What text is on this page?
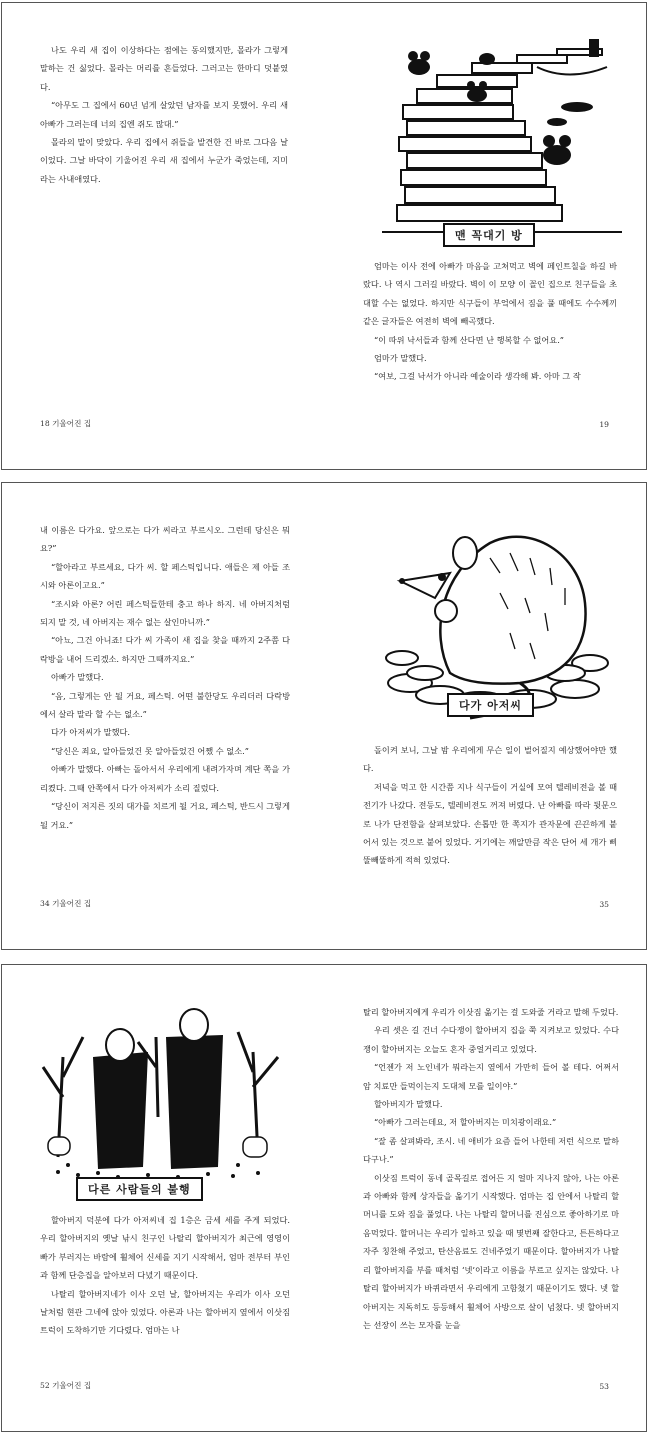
나도 우리 새 집이 이상하다는 점에는 동의했지만, 몰라가 그렇게 말하는 건 싫었다. 몰라는 머리를 흔들었다. 그러고는 한마디 덧붙였다.

“아무도 그 집에서 60년 넘게 살았던 남자를 보지 못했어. 우리 새 아빠가 그러는데 너의 집엔 쥐도 많대.”

몰라의 말이 맞았다. 우리 집에서 쥐들을 발견한 건 바로 그다음 날이었다. 그날 바닥이 기울어진 우리 새 집에서 누군가 죽었는데, 지미라는 사내애였다.

18 기울어진 집
맨 꼭대기 방

엄마는 이사 전에 아빠가 마음을 고쳐먹고 벽에 페인트칠을 하길 바랐다. 나 역시 그러길 바랐다. 벽이 이 모양 이 꼴인 집으로 친구들을 초대할 수는 없었다. 하지만 식구들이 부엌에서 짐을 풀 때에도 수수께끼 같은 글자들은 여전히 벽에 빼곡했다.

“이 따위 낙서들과 함께 산다면 난 행복할 수 없어요.”

엄마가 말했다.

“여보, 그걸 낙서가 아니라 예술이라 생각해 봐. 아마 그 작

19

내 이름은 다가요. 앞으로는 다가 씨라고 부르시오. 그런데 당신은 뭐요?”

“할아라고 부르세요, 다가 씨. 할 페스틱입니다. 애들은 제 아들 조시와 아론이고요.”

“조시와 아론? 어린 페스틱들한테 충고 하나 하지. 네 아버지처럼 되지 말 것, 네 아버지는 재수 없는 살인마니까.”

“아뇨, 그건 아니죠! 다가 씨 가족이 새 집을 찾을 때까지 2주쯤 다락방을 내어 드리겠소. 하지만 그때까지요.”

아빠가 말했다.

“음, 그렇게는 안 될 거요, 페스틱. 어떤 불한당도 우리더러 다락방에서 살라 말라 할 수는 없소.”

다가 아저씨가 말했다.

“당신은 죄요, 알아들었건 못 알아들었건 어쨌 수 없소.”

아빠가 말했다. 아빠는 돌아서서 우리에게 내려가자며 계단 쪽을 가리켰다. 그때 안쪽에서 다가 아저씨가 소리 질렀다.

“당신이 저지른 짓의 대가를 치르게 될 거요, 페스틱, 반드시 그렇게 될 거요.”

34 기울어진 집
다가 아저씨

돌이켜 보니, 그날 밤 우리에게 무슨 일이 벌어질지 예상했어야만 했다.

저녁을 먹고 한 시간쯤 지나 식구들이 거실에 모여 텔레비전을 볼 때 전기가 나갔다. 전등도, 텔레비전도 꺼져 버렸다. 난 아빠를 따라 뒷문으로 나가 단전함을 살펴보았다. 손톱만 한 쪽지가 관자문에 끈끈하게 붙어서 있는 것으로 붙어 있었다. 거기에는 깨알만큼 작은 단어 세 개가 삐뚤빼뚤하게 적혀 있었다.

35
다른 사람들의 불행

할아버지 덕분에 다가 아저씨네 집 1층은 금세 세를 주게 되었다. 우리 할아버지의 옛날 낚시 친구인 나탈리 할아버지가 최근에 영영이빠가 부러지는 바람에 휠체어 신세를 지기 시작해서, 엄마 전부터 부인과 함께 단층집을 알아보러 다녔기 때문이다.

나탈리 할아버지네가 이사 오던 날, 할아버지는 우리가 이사 오던 날처럼 현관 그네에 앉아 있었다. 아론과 나는 할아버지 옆에서 이삿짐 트럭이 도착하기만 기다렸다. 엄마는 나

52 기울어진 집

탈리 할아버지에게 우리가 이삿짐 옮기는 걸 도와줄 거라고 말해 두었다.

우리 셋은 길 건너 수다쟁이 할아버지 집을 쭉 지켜보고 있었다. 수다쟁이 할아버지는 오늘도 혼자 중얼거리고 있었다.

“언젠가 저 노인네가 뭐라는지 옆에서 가만히 들어 볼 테다. 어쩌서 암 치료만 들먹이는지 도대체 모를 일이야.”

할아버지가 말했다.

“아빠가 그러는데요, 저 할아버지는 미치광이래요.”

“잘 좀 살펴봐라, 조시. 네 애비가 요즘 들어 나한테 저런 식으로 말하다구나.”

이삿짐 트럭이 동네 골목길로 접어든 지 얼마 지나지 않아, 나는 아론과 아빠와 함께 상자들을 옮기기 시작했다. 엄마는 집 안에서 나탈리 할머니를 도와 짐을 풀었다. 나는 나탈리 할머니를 진심으로 좋아하기로 마음먹었다. 할머니는 우리가 일하고 있을 때 몇번째 잘한다고, 튼튼하다고 자주 칭찬해 주었고, 탄산음료도 건네주었기 때문이다. 할아버지가 나탈리 할아버지를 부를 때처럼 ‘넷’이라고 이름을 부르고 싶지는 않았다. 나탈리 할아버지가 바퀴라면서 우리에게 고함쳤기 때문이기도 했다. 넷 할아버지는 지독히도 등등해서 휠체어 사방으로 살이 넘쳤다. 넷 할아버지는 선장이 쓰는 모자를 눈을

53
